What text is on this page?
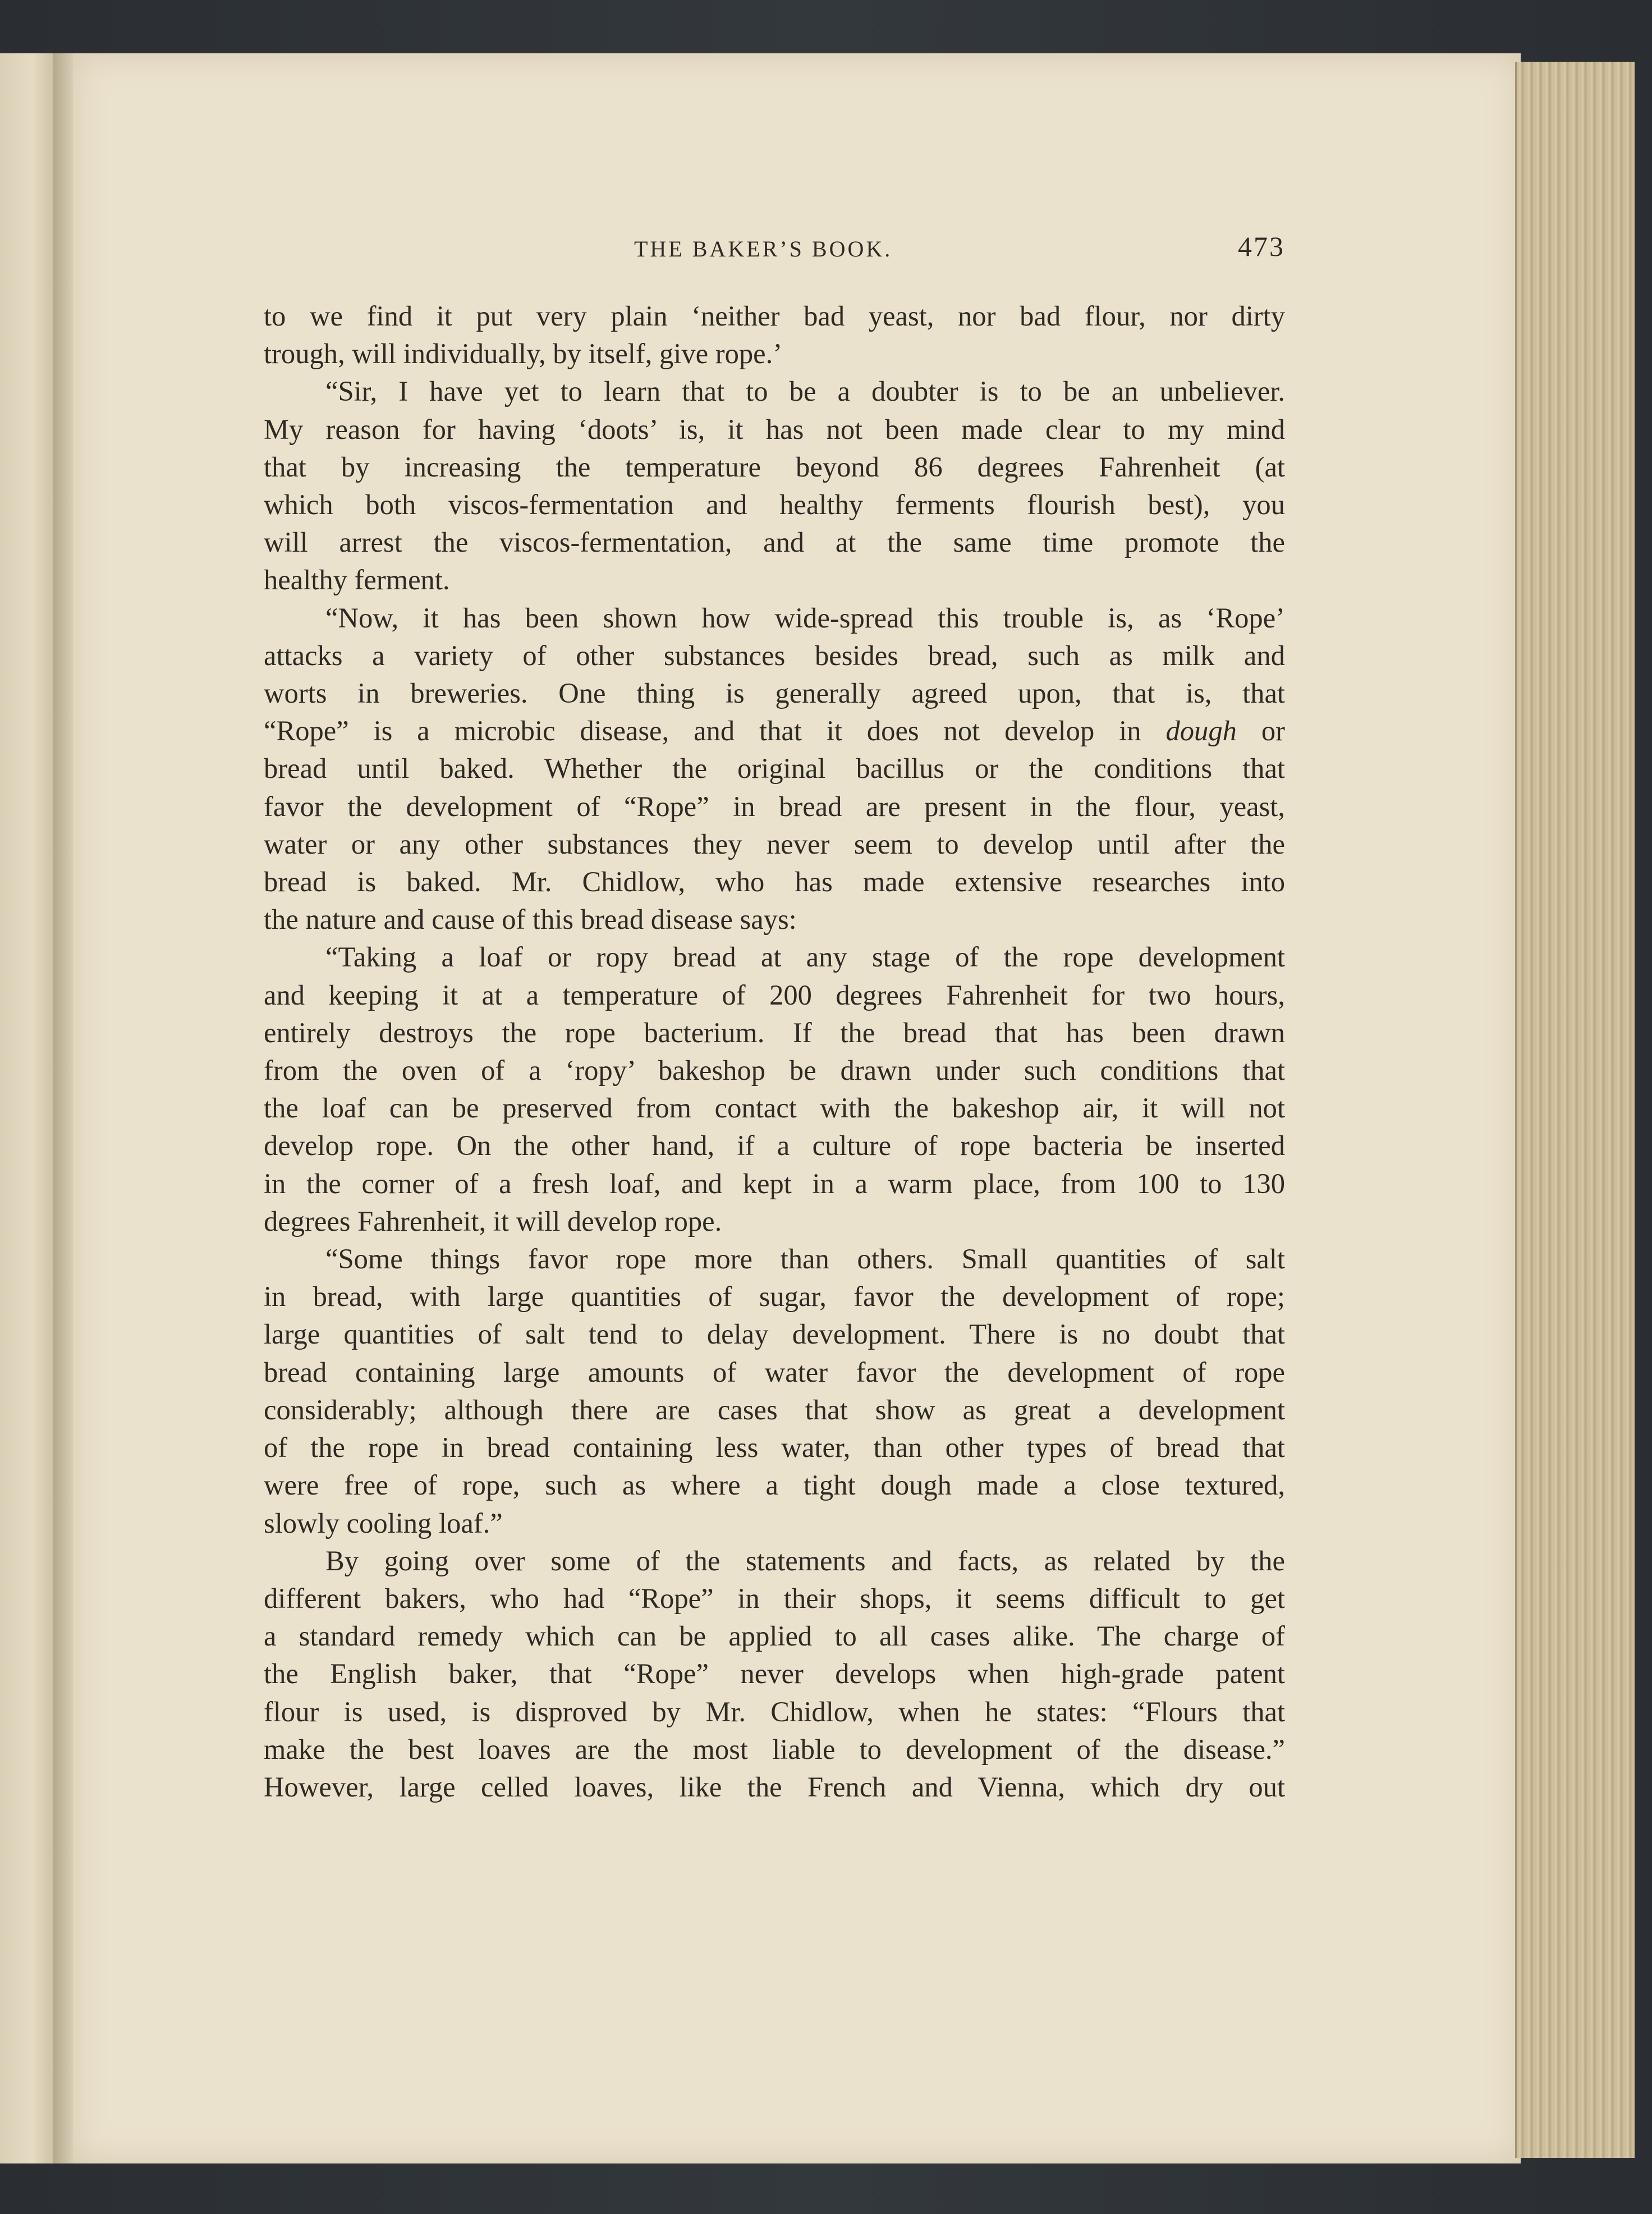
THE BAKER’S BOOK.	473

to we find it put very plain ‘neither bad yeast, nor bad flour, nor dirty
trough, will individually, by itself, give rope.’

“Sir, I have yet to learn that to be a doubter is to be an unbeliever.
My reason for having ‘doots’ is, it has not been made clear to my mind
that by increasing the temperature beyond 86 degrees Fahrenheit (at
which both viscos-fermentation and healthy ferments flourish best), you
will arrest the viscos-fermentation, and at the same time promote the
healthy ferment.

“Now, it has been shown how wide-spread this trouble is, as ‘Rope’
attacks a variety of other substances besides bread, such as milk and
worts in breweries. One thing is generally agreed upon, that is, that
“Rope” is a microbic disease, and that it does not develop in dough or
bread until baked. Whether the original bacillus or the conditions that
favor the development of “Rope” in bread are present in the flour, yeast,
water or any other substances they never seem to develop until after the
bread is baked. Mr. Chidlow, who has made extensive researches into
the nature and cause of this bread disease says:

“Taking a loaf or ropy bread at any stage of the rope development
and keeping it at a temperature of 200 degrees Fahrenheit for two hours,
entirely destroys the rope bacterium. If the bread that has been drawn
from the oven of a ‘ropy’ bakeshop be drawn under such conditions that
the loaf can be preserved from contact with the bakeshop air, it will not
develop rope. On the other hand, if a culture of rope bacteria be inserted
in the corner of a fresh loaf, and kept in a warm place, from 100 to 130
degrees Fahrenheit, it will develop rope.

“Some things favor rope more than others. Small quantities of salt
in bread, with large quantities of sugar, favor the development of rope;
large quantities of salt tend to delay development. There is no doubt that
bread containing large amounts of water favor the development of rope
considerably; although there are cases that show as great a development
of the rope in bread containing less water, than other types of bread that
were free of rope, such as where a tight dough made a close textured,
slowly cooling loaf.”

By going over some of the statements and facts, as related by the
different bakers, who had “Rope” in their shops, it seems difficult to get
a standard remedy which can be applied to all cases alike. The charge of
the English baker, that “Rope” never develops when high-grade patent
flour is used, is disproved by Mr. Chidlow, when he states: “Flours that
make the best loaves are the most liable to development of the disease.”
However, large celled loaves, like the French and Vienna, which dry out
